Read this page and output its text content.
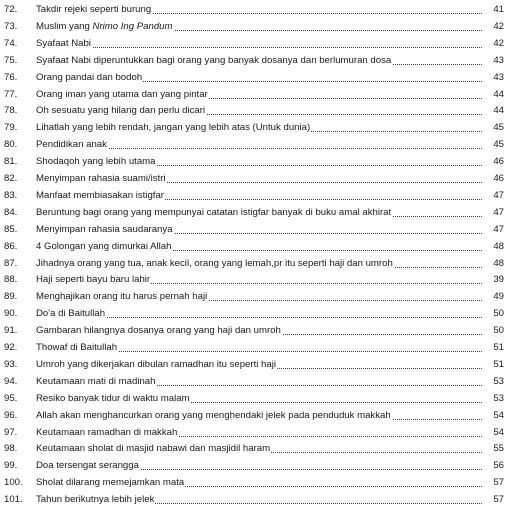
72.	Takdir rejeki seperti burung	41
73.	Muslim yang Nrimo Ing Pandum	42
74.	Syafaat Nabi	42
75.	Syafaat Nabi diperuntukkan bagi orang yang banyak dosanya dan berlumuran dosa	43
76.	Orang pandai dan bodoh	43
77.	Orang iman yang utama dan yang pintar	44
78.	Oh sesuatu yang hilang dan perlu dicari	44
79.	Lihatlah yang lebih rendah, jangan yang lebih atas (Untuk dunia)	45
80.	Pendidikan anak	45
81.	Shodaqoh yang lebih utama	46
82.	Menyimpan rahasia suami/istri	46
83.	Manfaat membiasakan istigfar	47
84.	Beruntung bagi orang yang mempunyai catatan istigfar banyak di buku amal akhirat	47
85.	Menyimpan rahasia saudaranya	47
86.	4 Golongan yang dimurkai Allah	48
87.	Jihadnya orang yang tua, anak kecil, orang yang lemah,pr itu seperti haji dan umroh	48
88.	Haji seperti bayu baru lahir	39
89.	Menghajikan orang itu harus pernah haji	49
90.	Do'a di Baitullah	50
91.	Gambaran hilangnya dosanya orang yang haji dan umroh	50
92.	Thowaf di Baitullah	51
93.	Umroh yang dikerjakan dibulan ramadhan itu seperti haji	51
94.	Keutamaan mati di madinah	53
95.	Resiko banyak tidur di waktu malam	53
96.	Allah akan menghancurkan orang yang menghendaki jelek pada penduduk makkah	54
97.	Keutamaan ramadhan di makkah	54
98.	Keutamaan sholat di masjid nabawi dan masjidil haram	55
99.	Doa tersengat serangga	56
100.	Sholat dilarang memejamkan mata	57
101.	Tahun berikutnya lebih jelek	57
